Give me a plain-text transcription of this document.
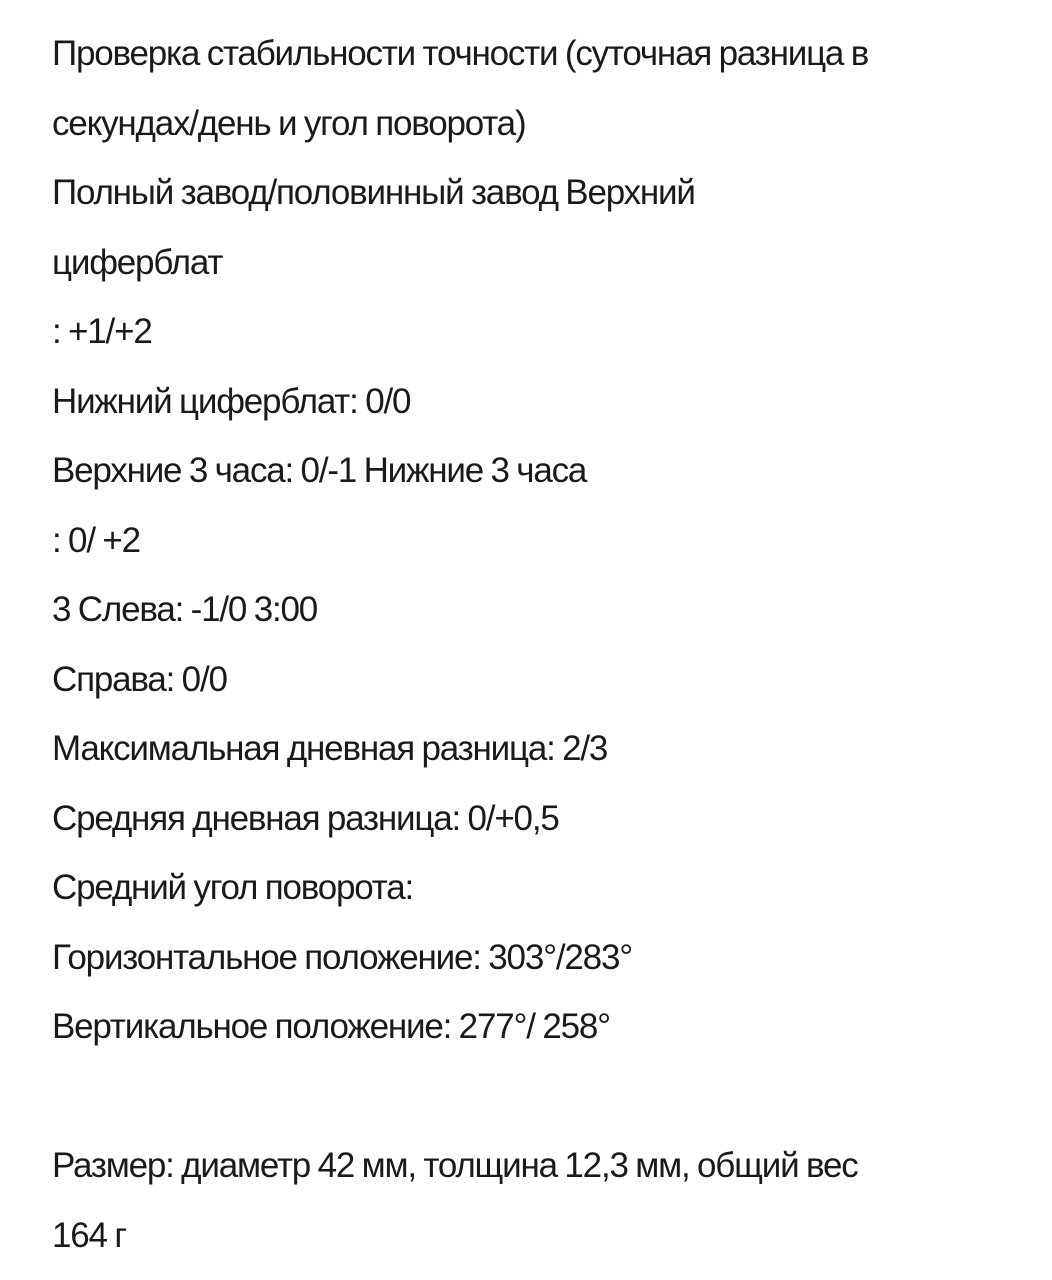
Проверка стабильности точности (суточная разница в
секундах/день и угол поворота)
Полный завод/половинный завод Верхний
циферблат
: +1/+2
Нижний циферблат: 0/0
Верхние 3 часа: 0/-1 Нижние 3 часа
: 0/ +2
3 Слева: -1/0 3:00
Справа: 0/0
Максимальная дневная разница: 2/3
Средняя дневная разница: 0/+0,5
Средний угол поворота:
Горизонтальное положение: 303°/283°
Вертикальное положение: 277°/ 258°
Размер: диаметр 42 мм, толщина 12,3 мм, общий вес
164 г
